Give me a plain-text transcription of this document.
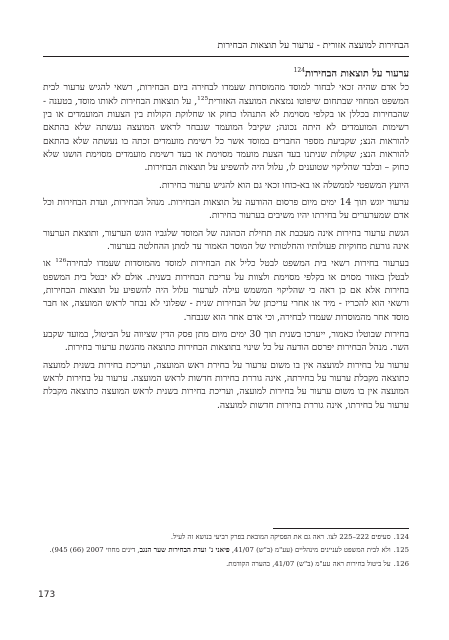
הבחירות למועצה אזורית - ערעור על תוצאות הבחירות
ערעור על תוצאות הבחירות$^{124}$

כל אדם שהיה זכאי לבחור למוסד מהמוסדות שעמדו לבחירה ביום הבחירות, רשאי להגיש ערעור לבית המשפט המחוזי שבתחום שיפוטו נמצאת המועצה האזורית$^{125}$, על תוצאות הבחירות לאותו מוסד, בטענה - שהבחירות בכללן או בקלפי מסוימת לא התנהלו כחוק או שחלוקת הקולות בין הצעות המועמדים או בין רשימות המועמדים לא היתה נכונה; שקיבל המועמד שנבחר לראש המועצה נעשתה שלא בהתאם להוראות הנצ; שקביעת מספר החברים במוסד אשר כל רשימת מועמדים זכתה בו נעשתה שלא בהתאם להוראות הנצ; שקולות שניתנו בעד הצעת מועמד מסוימת או בעד רשימת מועמדים מסוימת הושגו שלא כחוק – ובלבד שהליקוי שטוענים לו, עלול היה להשפיע על תוצאות הבחירות.

היועץ המשפטי לממשלה או בא-כוחו זכאי גם הוא להגיש ערעור בחירות.

ערעור יוגש תוך 14 ימים מיום פרסום ההודעה על תוצאות הבחירות. מנהל הבחירות, ועדת הבחירות וכל אדם שמערערים על בחירתו יהיו משיבים בערעור בחירות.

הגשת ערעור בחירות אינה מעכבת את תחילת הכהונה של המוסד שלגביו הוגש הערעור, ותוצאת הערעור אינה גורעת מחוקיות פעולותיו והחלטותיו של המוסד האמור עד למתן ההחלטה בערעור.

בערעור בחירות רשאי בית המשפט לבטל כליל את הבחירות למוסד מהמוסדות שעמדו לבחירה$^{126}$ או לבטלן באזור מסוים או בקלפי מסוימת ולצוות על עריכת הבחירות בשנית. אולם לא יבטל בית המשפט בחירות אלא אם כן ראה כי שהליקוי המשמש עילה לערעור עלול היה להשפיע על תוצאות הבחירות, ורשאי הוא להכריז - מיד או אחרי עריכתן של הבחירות שנית - שפלוני לא נבחר לראש המועצה, או חבר מוסד אחר מהמוסדות שעמדו לבחירה, וכי אדם אחר הוא שנבחר.

בחירות שבוטלו כאמור, ייערכו בשנית תוך 30 ימים מיום מתן פסק הדין שציווה על הביטול, במועד שקבע השר. מנהל הבחירות יפרסם הודעה על כל שינוי בתוצאות הבחירות כתוצאה מהגשת ערעור בחירות.

ערעור על בחירות למועצה אין בו משום ערעור על בחירת ראש המועצה, ועריכת בחירות בשנית למועצה כתוצאה מקבלת ערעור על בחירתה, אינה גוררת בחירות חדשות לראש המועצה. ערעור על בחירות לראש המועצה אין בו משום ערעור על בחירות למועצה, ועריכת בחירות בשנית לראש המועצה כתוצאה מקבלת ערעור על בחירתו, אינה גוררת בחירות חדשות למועצה.

124.סעיפים 222–225 לצו. ראה גם את הפסיקה המובאת בפרק רביעי בנושא זה לעיל.
125.ולא לבית המשפט לעניינים מינהליים (עע"מ (ב"ש) 41/07, פיאני נ' ועדת הבחירות שער הנגב, דינים מחוזי 2007 (66) 945).
126.על ביטול בחירות ראה עע"מ (ב"ש) 41/07, בהערה הקודמת.
173
